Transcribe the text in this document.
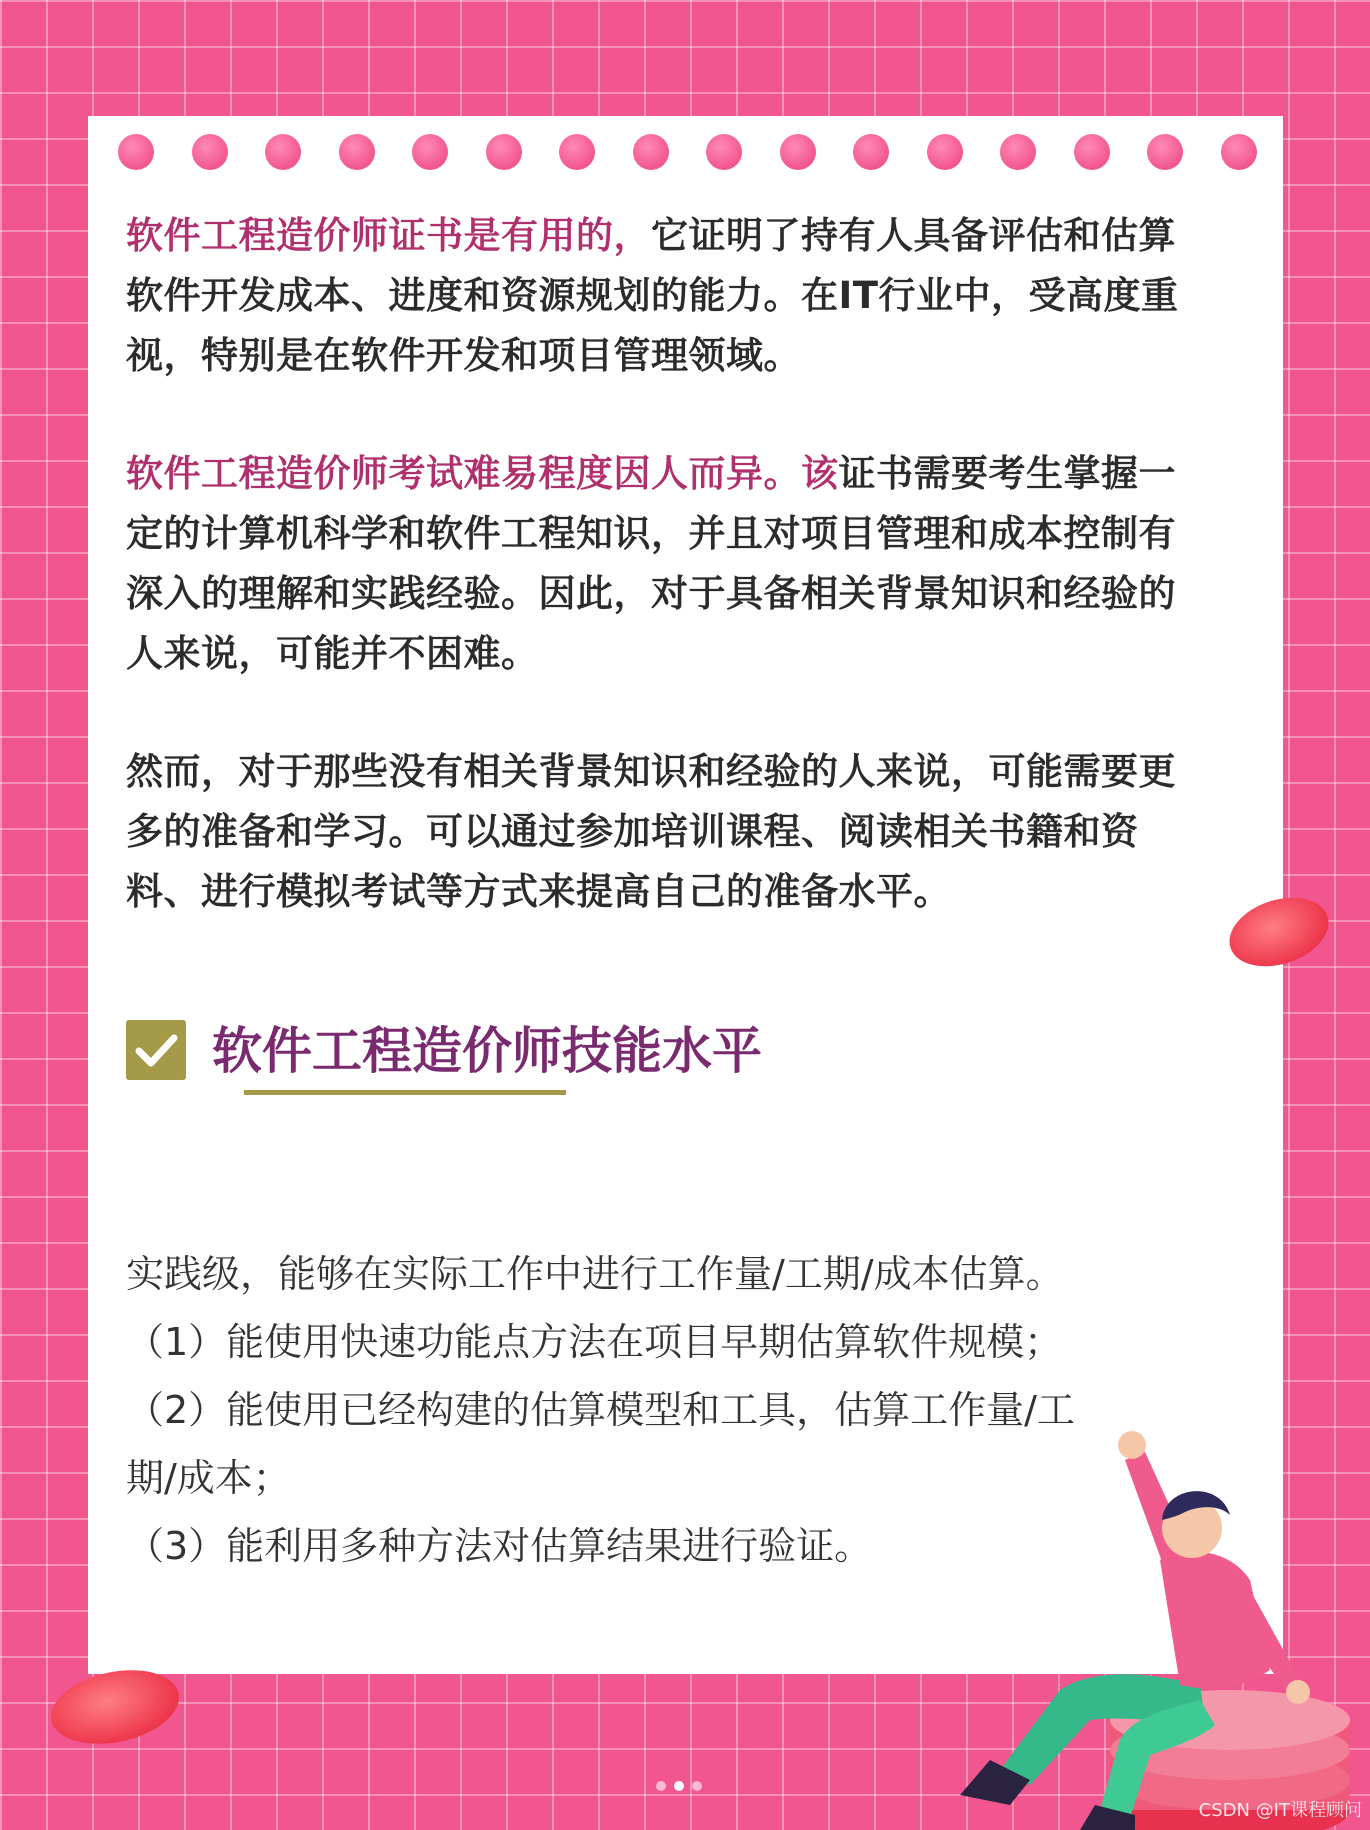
软件工程造价师证书是有用的，它证明了持有人具备评估和估算
软件开发成本、进度和资源规划的能力。在IT行业中，受高度重
视，特别是在软件开发和项目管理领域。
软件工程造价师考试难易程度因人而异。该证书需要考生掌握一
定的计算机科学和软件工程知识，并且对项目管理和成本控制有
深入的理解和实践经验。因此，对于具备相关背景知识和经验的
人来说，可能并不困难。
然而，对于那些没有相关背景知识和经验的人来说，可能需要更
多的准备和学习。可以通过参加培训课程、阅读相关书籍和资
料、进行模拟考试等方式来提高自己的准备水平。
软件工程造价师技能水平
实践级，能够在实际工作中进行工作量/工期/成本估算。
（1）能使用快速功能点方法在项目早期估算软件规模；
（2）能使用已经构建的估算模型和工具，估算工作量/工
期/成本；
（3）能利用多种方法对估算结果进行验证。
CSDN @IT课程顾问
